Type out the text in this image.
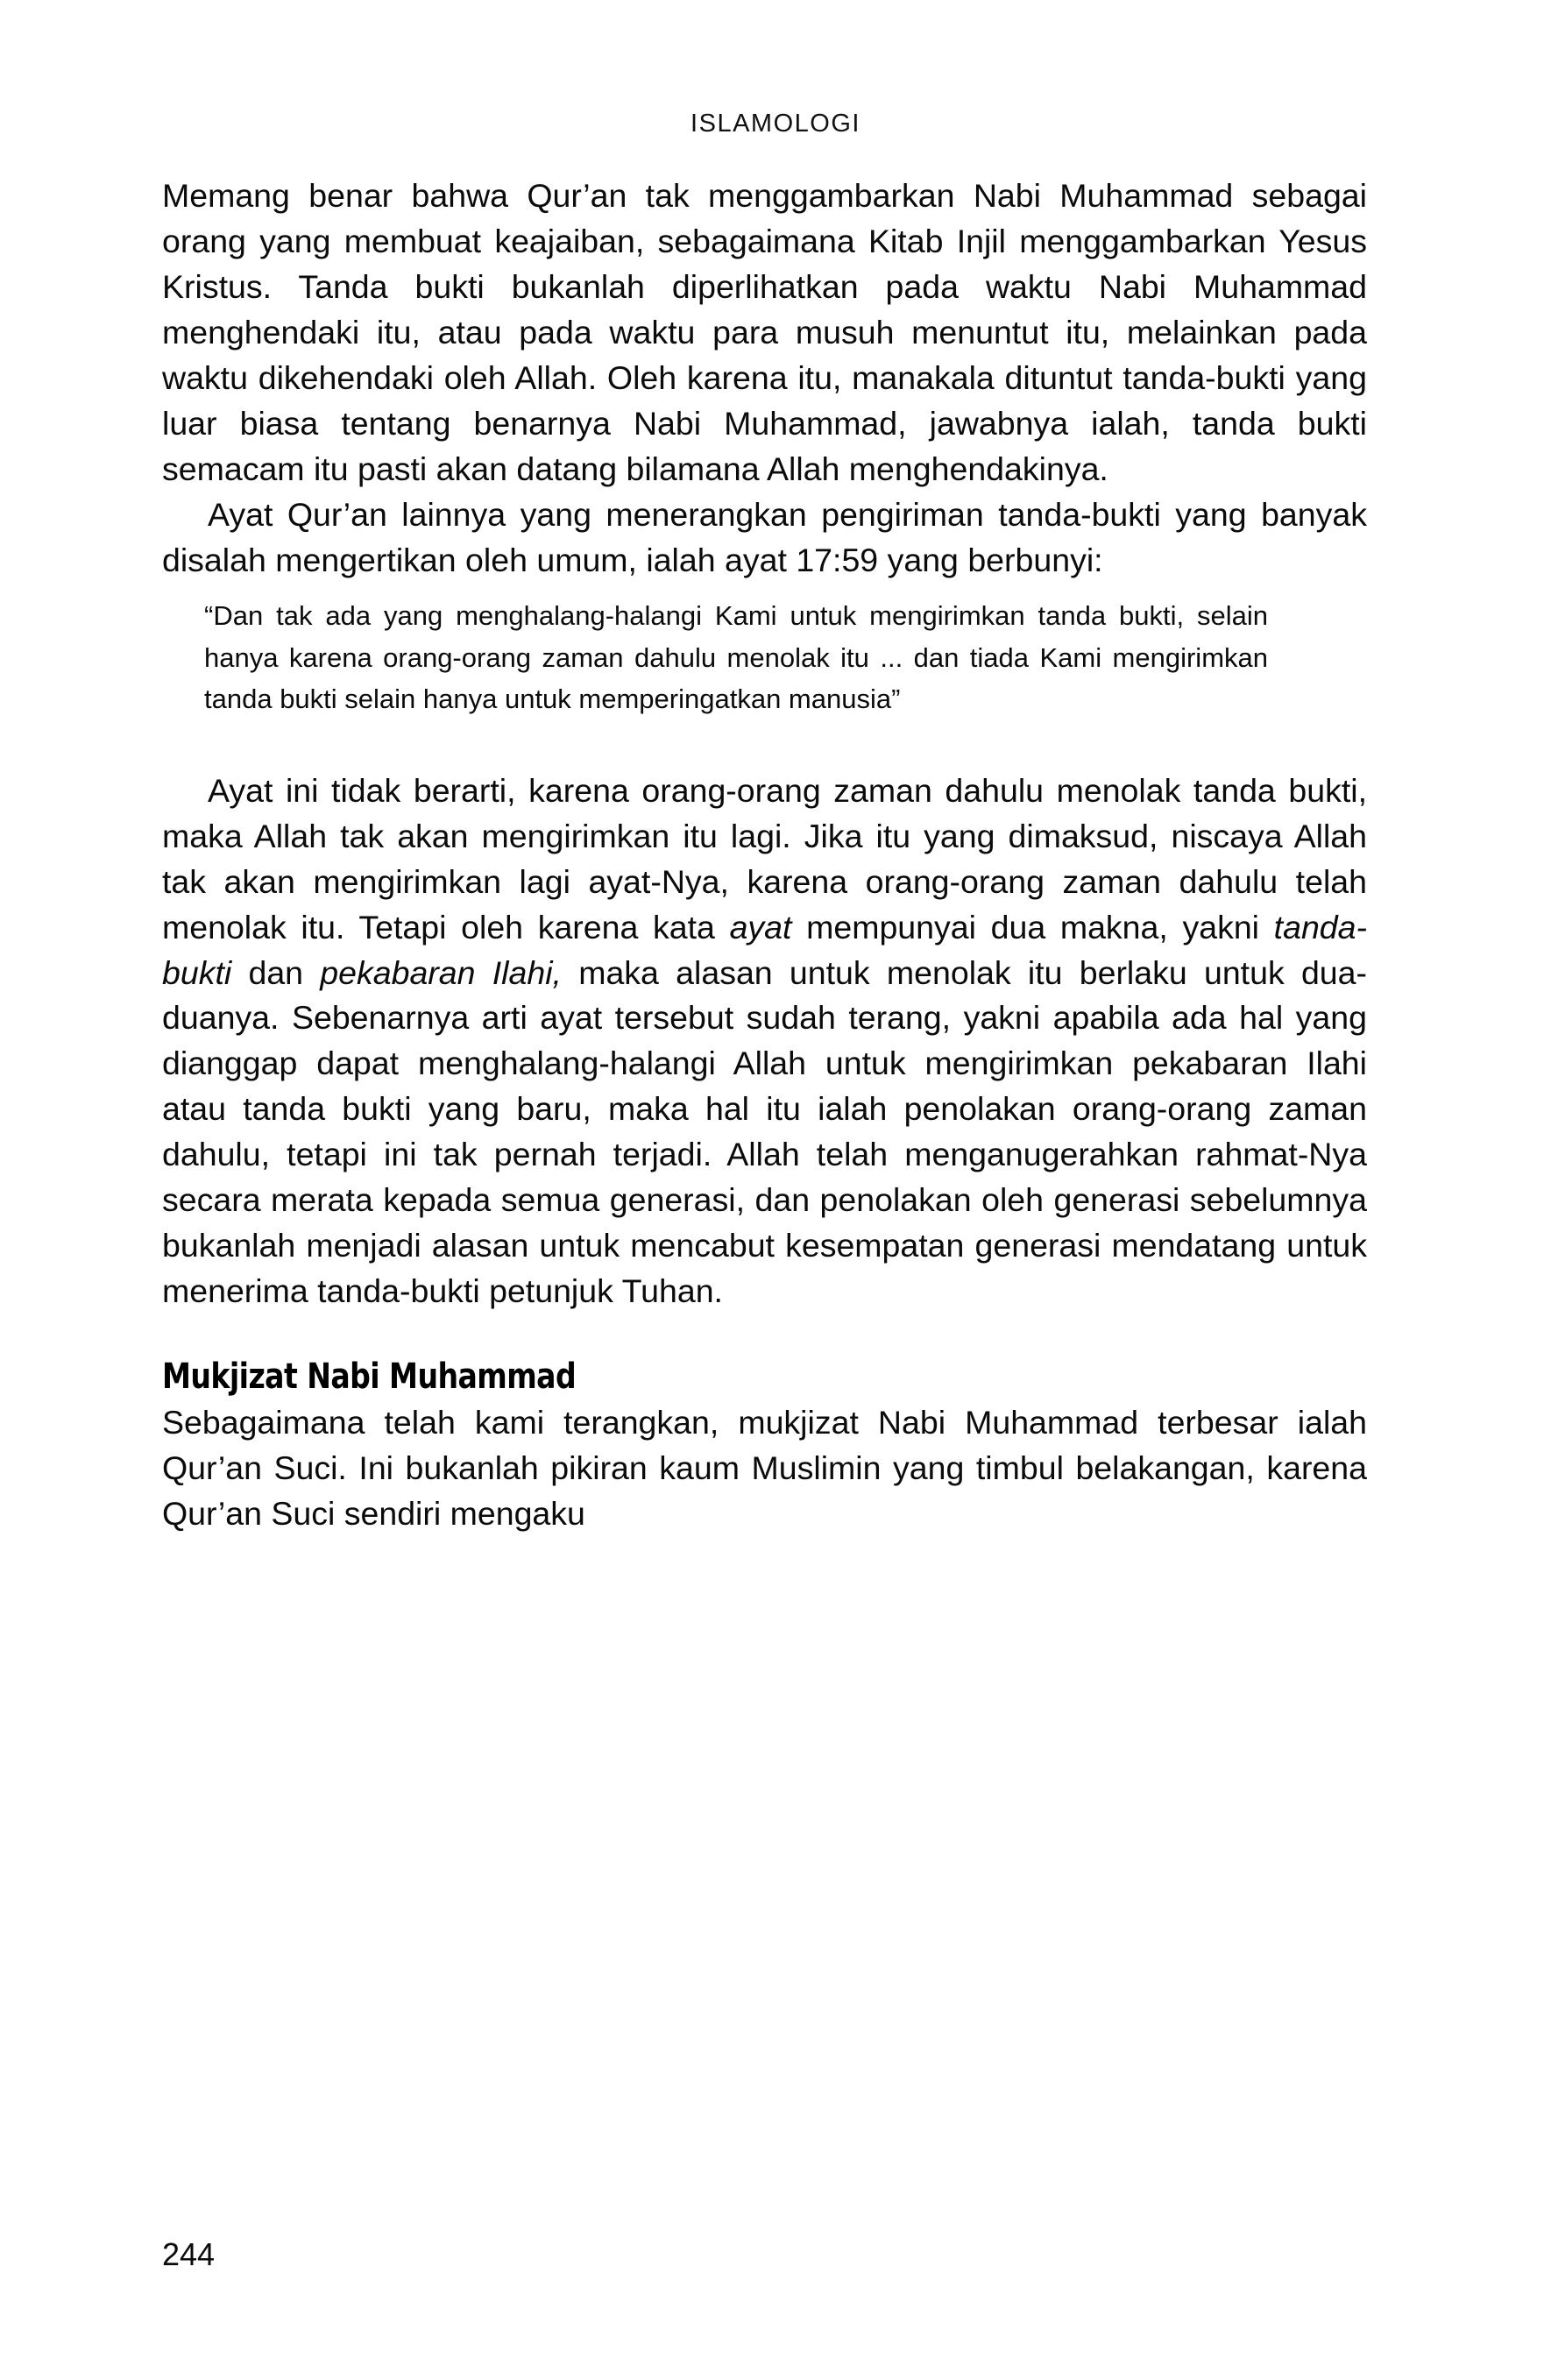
ISLAMOLOGI

Memang benar bahwa Qur’an tak menggambarkan Nabi Muhammad sebagai orang yang membuat keajaiban, sebagaimana Kitab Injil menggambarkan Yesus Kristus. Tanda bukti bukanlah diperlihatkan pada waktu Nabi Muhammad menghendaki itu, atau pada waktu para musuh menuntut itu, melainkan pada waktu dikehendaki oleh Allah. Oleh karena itu, manakala dituntut tanda-bukti yang luar biasa tentang benarnya Nabi Muhammad, jawabnya ialah, tanda bukti semacam itu pasti akan datang bilamana Allah menghendakinya.

Ayat Qur’an lainnya yang menerangkan pengiriman tanda-bukti yang banyak disalah mengertikan oleh umum, ialah ayat 17:59 yang berbunyi:

“Dan tak ada yang menghalang-halangi Kami untuk mengirimkan tanda bukti, selain hanya karena orang-orang zaman dahulu menolak itu ... dan tiada Kami mengirimkan tanda bukti selain hanya untuk memperingatkan manusia”

Ayat ini tidak berarti, karena orang-orang zaman dahulu menolak tanda bukti, maka Allah tak akan mengirimkan itu lagi. Jika itu yang dimaksud, niscaya Allah tak akan mengirimkan lagi ayat-Nya, karena orang-orang zaman dahulu telah menolak itu. Tetapi oleh karena kata ayat mempunyai dua makna, yakni tanda-bukti dan pekabaran Ilahi, maka alasan untuk menolak itu berlaku untuk dua-duanya. Sebenarnya arti ayat tersebut sudah terang, yakni apabila ada hal yang dianggap dapat menghalang-halangi Allah untuk mengirimkan pekabaran Ilahi atau tanda bukti yang baru, maka hal itu ialah penolakan orang-orang zaman dahulu, tetapi ini tak pernah terjadi. Allah telah menganugerahkan rahmat-Nya secara merata kepada semua generasi, dan penolakan oleh generasi sebelumnya bukanlah menjadi alasan untuk mencabut kesempatan generasi mendatang untuk menerima tanda-bukti petunjuk Tuhan.

Mukjizat Nabi Muhammad

Sebagaimana telah kami terangkan, mukjizat Nabi Muhammad terbesar ialah Qur’an Suci. Ini bukanlah pikiran kaum Muslimin yang timbul belakangan, karena Qur’an Suci sendiri mengaku

244
